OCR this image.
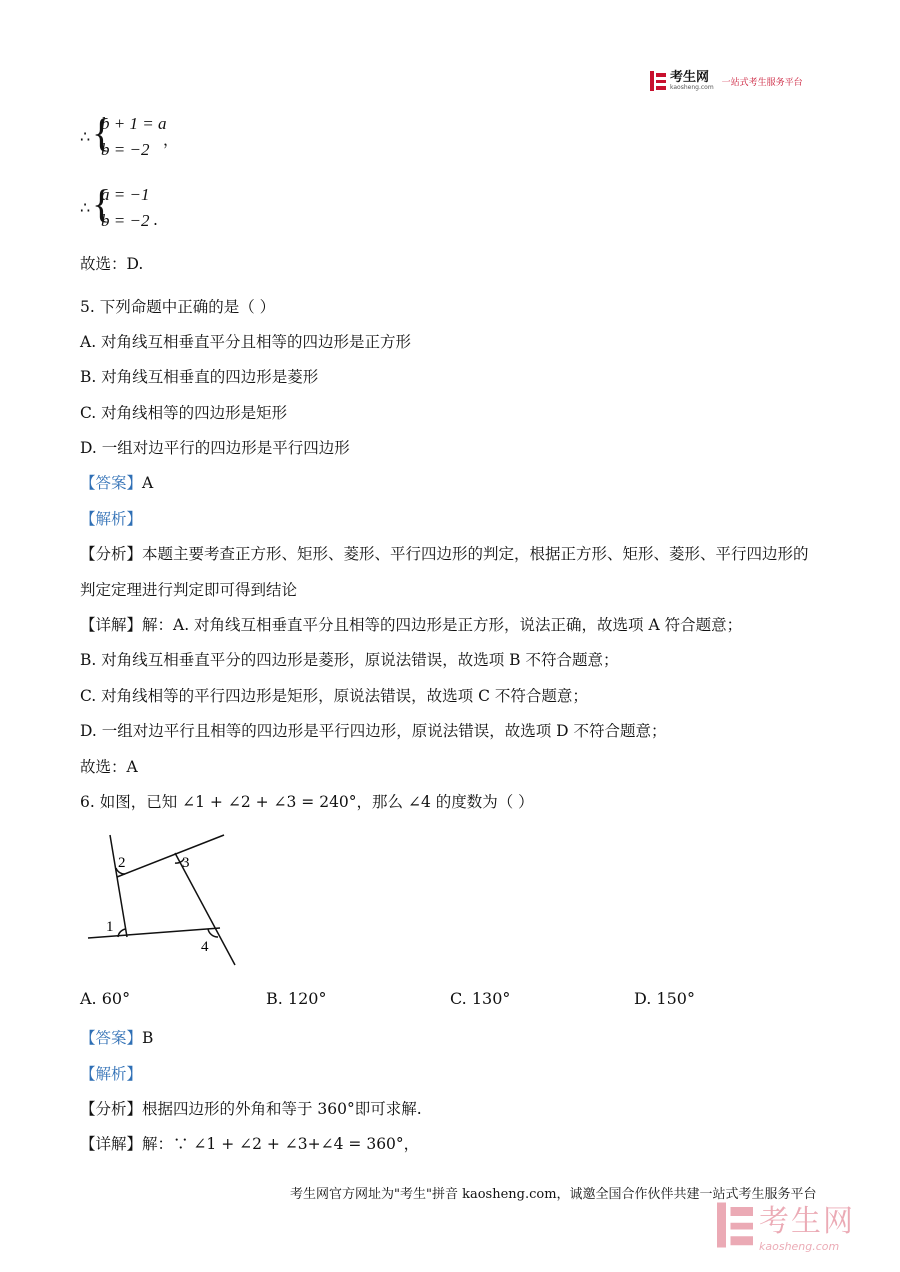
考生网
kaosheng.com 一站式考生服务平台
∴ {
b + 1 = a
b = −2 ，
∴ {
a = −1
b = −2 .
故选：D.
5. 下列命题中正确的是（ ）
A. 对角线互相垂直平分且相等的四边形是正方形
B. 对角线互相垂直的四边形是菱形
C. 对角线相等的四边形是矩形
D. 一组对边平行的四边形是平行四边形
【答案】A
【解析】
【分析】本题主要考查正方形、矩形、菱形、平行四边形的判定，根据正方形、矩形、菱形、平行四边形的
判定定理进行判定即可得到结论
【详解】解：A. 对角线互相垂直平分且相等的四边形是正方形，说法正确，故选项 A 符合题意；
B. 对角线互相垂直平分的四边形是菱形，原说法错误，故选项 B 不符合题意；
C. 对角线相等的平行四边形是矩形，原说法错误，故选项 C 不符合题意；
D. 一组对边平行且相等的四边形是平行四边形，原说法错误，故选项 D 不符合题意；
故选：A
6. 如图，已知 ∠1 + ∠2 + ∠3 = 240°，那么 ∠4 的度数为（ ）
1
2	3
4
A. 60°	B. 120°	C. 130°	D. 150°
【答案】B
【解析】
【分析】根据四边形的外角和等于 360°即可求解.
【详解】解：∵ ∠1 + ∠2 + ∠3+∠4 = 360°，
考生网官方网址为"考生"拼音 kaosheng.com，诚邀全国合作伙伴共建一站式考生服务平台
考生网
kaosheng.com
